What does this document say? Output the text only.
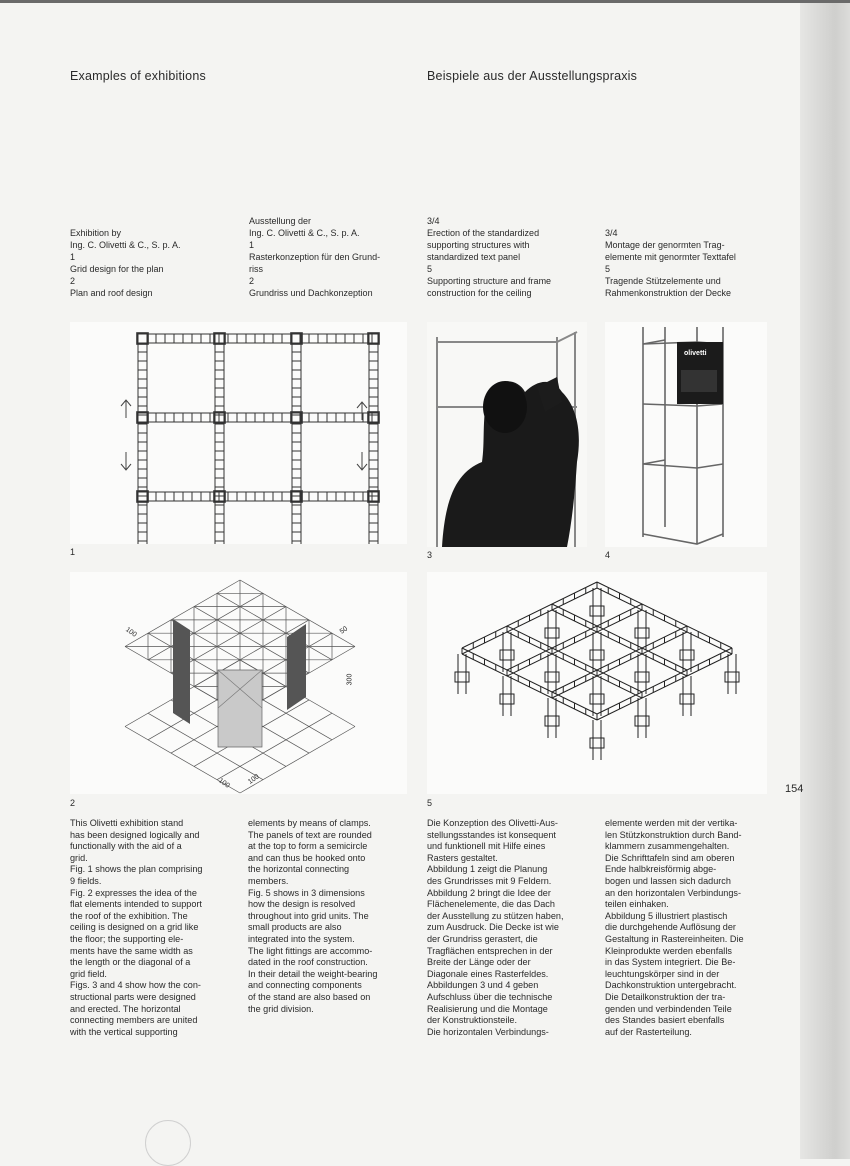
Examples of exhibitions	Beispiele aus der Ausstellungspraxis
Exhibition by
Ing. C. Olivetti & C., S. p. A.
1
Grid design for the plan
2
Plan and roof design
Ausstellung der
Ing. C. Olivetti & C., S. p. A.
1
Rasterkonzeption für den Grund-
riss
2
Grundriss und Dachkonzeption
3/4
Erection of the standardized
supporting structures with
standardized text panel
5
Supporting structure and frame
construction for the ceiling
3/4
Montage der genormten Trag-
elemente mit genormter Texttafel
5
Tragende Stützelemente und
Rahmenkonstruktion der Decke
1	3
olivetti
4
100	50
300
100 100
2	5
154

This Olivetti exhibition stand
has been designed logically and
functionally with the aid of a
grid.
Fig. 1 shows the plan comprising
9 fields.
Fig. 2 expresses the idea of the
flat elements intended to support
the roof of the exhibition. The
ceiling is designed on a grid like
the floor; the supporting ele-
ments have the same width as
the length or the diagonal of a
grid field.
Figs. 3 and 4 show how the con-
structional parts were designed
and erected. The horizontal
connecting members are united
with the vertical supporting

elements by means of clamps.
The panels of text are rounded
at the top to form a semicircle
and can thus be hooked onto
the horizontal connecting
members.
Fig. 5 shows in 3 dimensions
how the design is resolved
throughout into grid units. The
small products are also
integrated into the system.
The light fittings are accommo-
dated in the roof construction.
In their detail the weight-bearing
and connecting components
of the stand are also based on
the grid division.

Die Konzeption des Olivetti-Aus-
stellungsstandes ist konsequent
und funktionell mit Hilfe eines
Rasters gestaltet.
Abbildung 1 zeigt die Planung
des Grundrisses mit 9 Feldern.
Abbildung 2 bringt die Idee der
Flächenelemente, die das Dach
der Ausstellung zu stützen haben,
zum Ausdruck. Die Decke ist wie
der Grundriss gerastert, die
Tragflächen entsprechen in der
Breite der Länge oder der
Diagonale eines Rasterfeldes.
Abbildungen 3 und 4 geben
Aufschluss über die technische
Realisierung und die Montage
der Konstruktionsteile.
Die horizontalen Verbindungs-

elemente werden mit der vertika-
len Stützkonstruktion durch Band-
klammern zusammengehalten.
Die Schrifttafeln sind am oberen
Ende halbkreisförmig abge-
bogen und lassen sich dadurch
an den horizontalen Verbindungs-
teilen einhaken.
Abbildung 5 illustriert plastisch
die durchgehende Auflösung der
Gestaltung in Rastereinheiten. Die
Kleinprodukte werden ebenfalls
in das System integriert. Die Be-
leuchtungskörper sind in der
Dachkonstruktion untergebracht.
Die Detailkonstruktion der tra-
genden und verbindenden Teile
des Standes basiert ebenfalls
auf der Rasterteilung.
